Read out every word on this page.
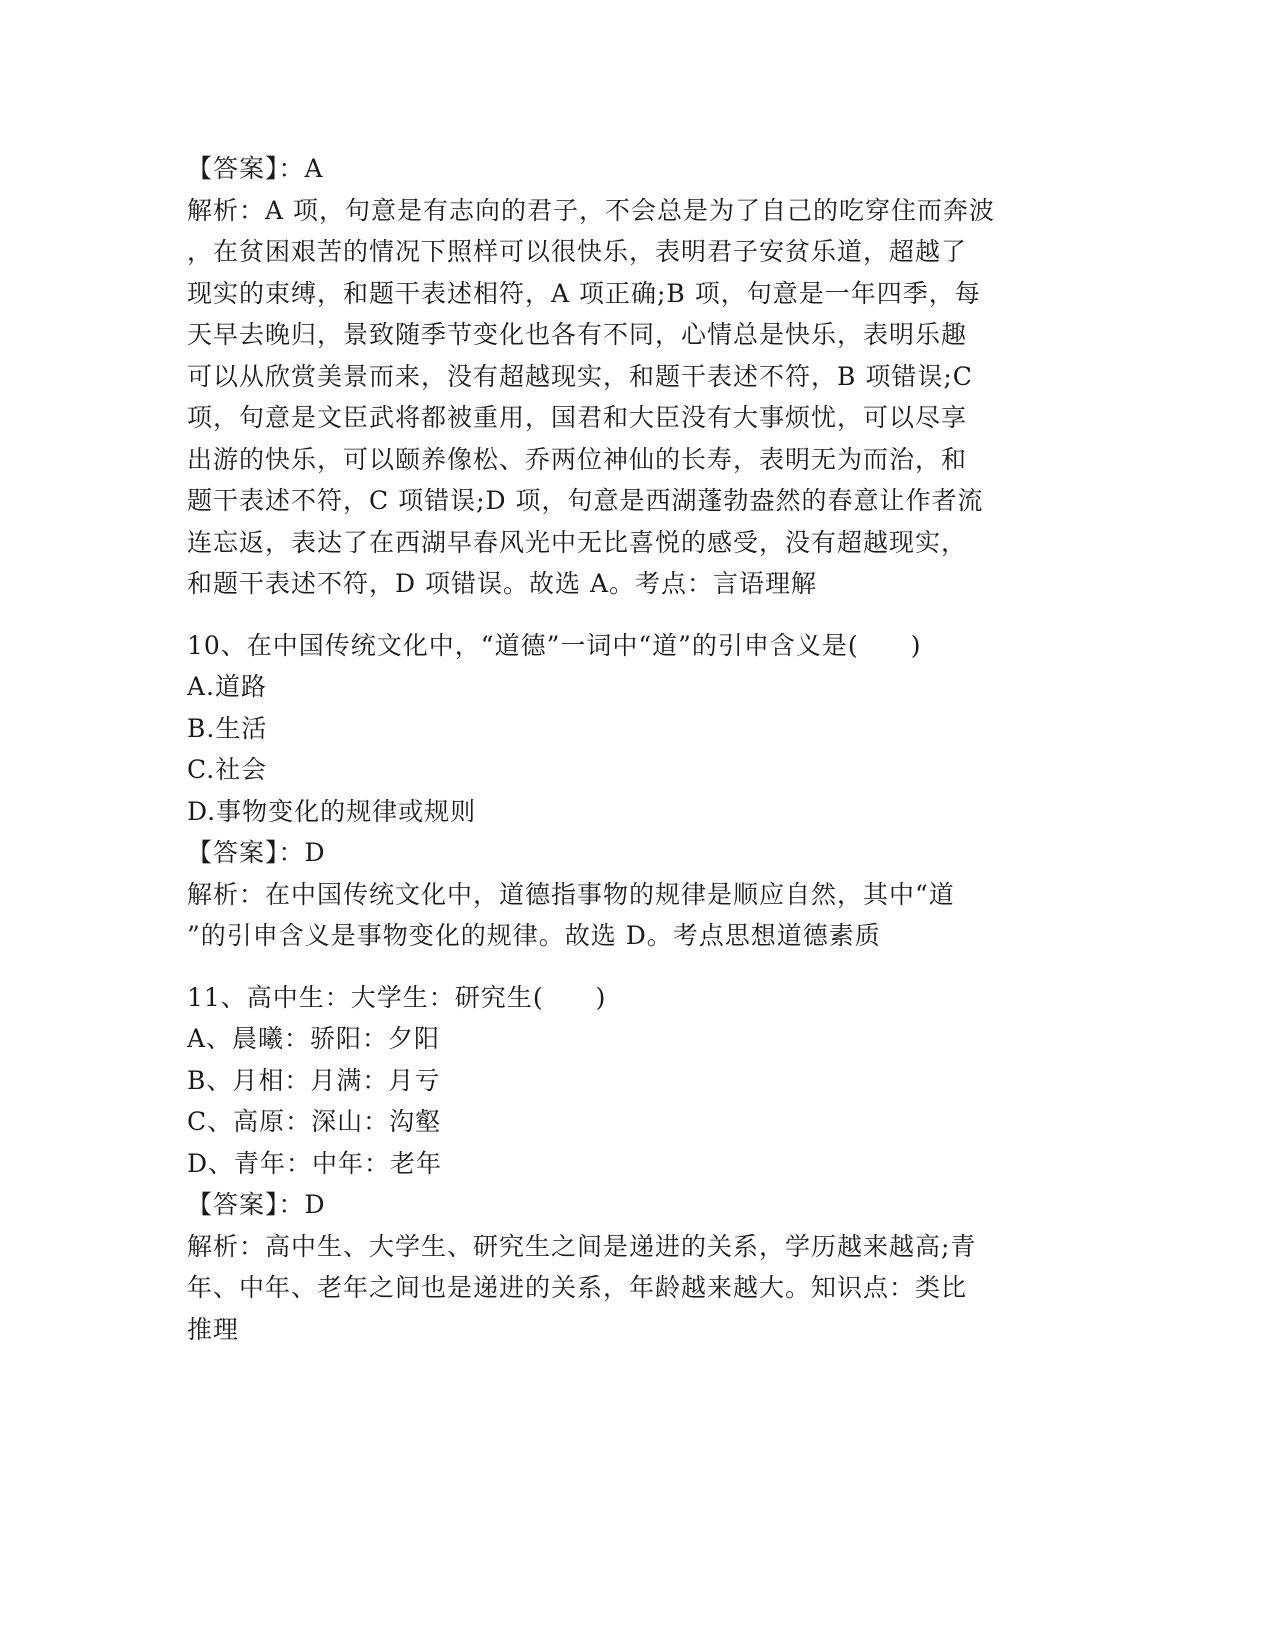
【答案】：A
解析：A 项，句意是有志向的君子，不会总是为了自己的吃穿住而奔波
，在贫困艰苦的情况下照样可以很快乐，表明君子安贫乐道，超越了
现实的束缚，和题干表述相符，A 项正确;B 项，句意是一年四季，每
天早去晚归，景致随季节变化也各有不同，心情总是快乐，表明乐趣
可以从欣赏美景而来，没有超越现实，和题干表述不符，B 项错误;C
项，句意是文臣武将都被重用，国君和大臣没有大事烦忧，可以尽享
出游的快乐，可以颐养像松、乔两位神仙的长寿，表明无为而治，和
题干表述不符，C 项错误;D 项，句意是西湖蓬勃盎然的春意让作者流
连忘返，表达了在西湖早春风光中无比喜悦的感受，没有超越现实，
和题干表述不符，D 项错误。故选 A。考点：言语理解
10、在中国传统文化中，“道德”一词中“道”的引申含义是(　　)
A.道路
B.生活
C.社会
D.事物变化的规律或规则
【答案】：D
解析：在中国传统文化中，道德指事物的规律是顺应自然，其中“道
”的引申含义是事物变化的规律。故选 D。考点思想道德素质
11、高中生：大学生：研究生(　　)
A、晨曦：骄阳：夕阳
B、月相：月满：月亏
C、高原：深山：沟壑
D、青年：中年：老年
【答案】：D
解析：高中生、大学生、研究生之间是递进的关系，学历越来越高;青
年、中年、老年之间也是递进的关系，年龄越来越大。知识点：类比
推理
